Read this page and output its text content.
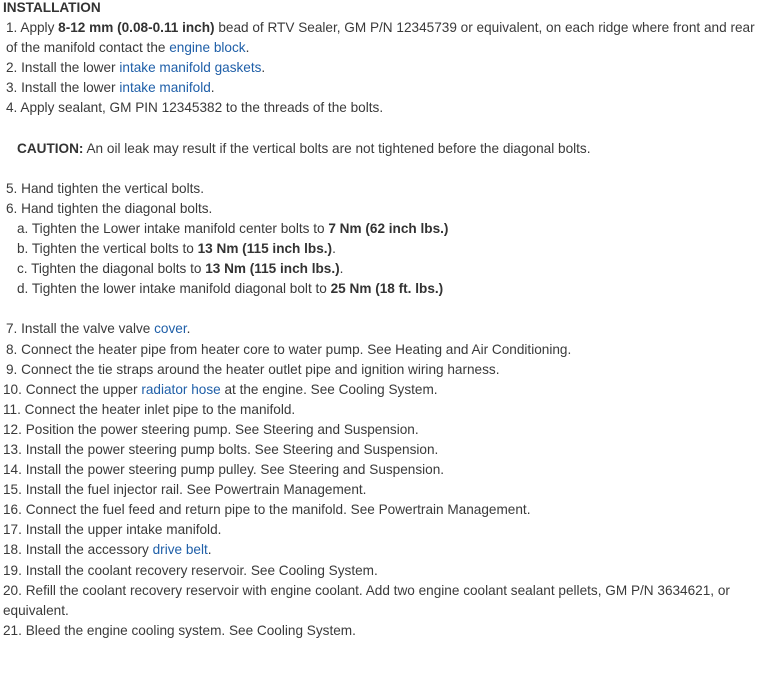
INSTALLATION
1. Apply 8-12 mm (0.08-0.11 inch) bead of RTV Sealer, GM P/N 12345739 or equivalent, on each ridge where front and rear of the manifold contact the engine block.
2. Install the lower intake manifold gaskets.
3. Install the lower intake manifold.
4. Apply sealant, GM PIN 12345382 to the threads of the bolts.
CAUTION: An oil leak may result if the vertical bolts are not tightened before the diagonal bolts.
5. Hand tighten the vertical bolts.
6. Hand tighten the diagonal bolts.
a. Tighten the Lower intake manifold center bolts to 7 Nm (62 inch lbs.)
b. Tighten the vertical bolts to 13 Nm (115 inch lbs.).
c. Tighten the diagonal bolts to 13 Nm (115 inch lbs.).
d. Tighten the lower intake manifold diagonal bolt to 25 Nm (18 ft. lbs.)
7. Install the valve valve cover.
8. Connect the heater pipe from heater core to water pump. See Heating and Air Conditioning.
9. Connect the tie straps around the heater outlet pipe and ignition wiring harness.
10. Connect the upper radiator hose at the engine. See Cooling System.
11. Connect the heater inlet pipe to the manifold.
12. Position the power steering pump. See Steering and Suspension.
13. Install the power steering pump bolts. See Steering and Suspension.
14. Install the power steering pump pulley. See Steering and Suspension.
15. Install the fuel injector rail. See Powertrain Management.
16. Connect the fuel feed and return pipe to the manifold. See Powertrain Management.
17. Install the upper intake manifold.
18. Install the accessory drive belt.
19. Install the coolant recovery reservoir. See Cooling System.
20. Refill the coolant recovery reservoir with engine coolant. Add two engine coolant sealant pellets, GM P/N 3634621, or equivalent.
21. Bleed the engine cooling system. See Cooling System.
